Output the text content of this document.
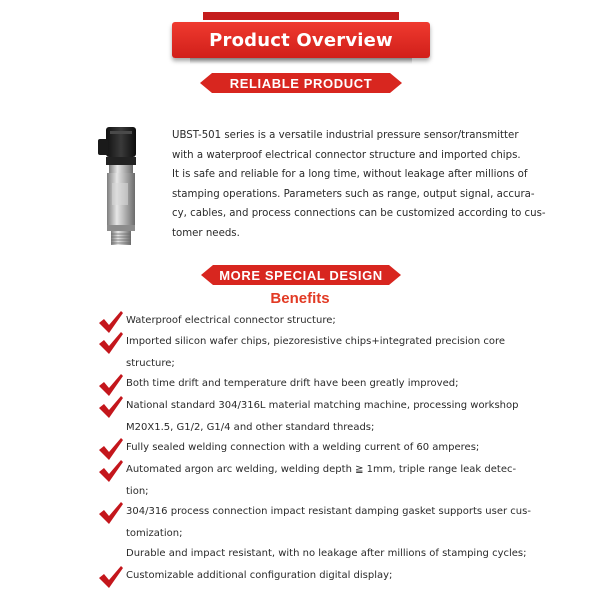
Product Overview
RELIABLE PRODUCT
UBST-501 series is a versatile industrial pressure sensor/transmitter
with a waterproof electrical connector structure and imported chips.
It is safe and reliable for a long time, without leakage after millions of
stamping operations. Parameters such as range, output signal, accura-
cy, cables, and process connections can be customized according to cus-
tomer needs.
MORE SPECIAL DESIGN
Benefits
Waterproof electrical connector structure;
Imported silicon wafer chips, piezoresistive chips+integrated precision core
structure;
Both time drift and temperature drift have been greatly improved;
National standard 304/316L material matching machine, processing workshop
M20X1.5, G1/2, G1/4 and other standard threads;
Fully sealed welding connection with a welding current of 60 amperes;
Automated argon arc welding, welding depth ≧ 1mm, triple range leak detec-
tion;
304/316 process connection impact resistant damping gasket supports user cus-
tomization;
Durable and impact resistant, with no leakage after millions of stamping cycles;
Customizable additional configuration digital display;
